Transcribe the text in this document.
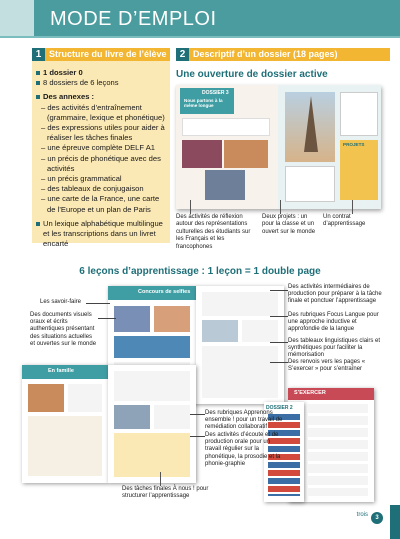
MODE D’EMPLOI
1 Structure du livre de l’élève
1 dossier 0
8 dossiers de 6 leçons
Des annexes :
– des activités d’entraînement (grammaire, lexique et phonétique)
– des expressions utiles pour aider à réaliser les tâches finales
– une épreuve complète DELF A1
– un précis de phonétique avec des activités
– un précis grammatical
– des tableaux de conjugaison
– une carte de la France, une carte de l’Europe et un plan de Paris
Un lexique alphabétique multilingue et les transcriptions dans un livret encarté
2 Descriptif d’un dossier (18 pages)
Une ouverture de dossier active
DOSSIER 3
Nous partons à la même longue
PROJETS
Des activités de réflexion autour des représentations culturelles des étudiants sur les Français et les francophones
Deux projets : un pour la classe et un ouvert sur le monde
Un contrat d’apprentissage
6 leçons d’apprentissage : 1 leçon = 1 double page
Concours de selfies
En famille
S’EXERCER
DOSSIER 2
Les savoir-faire
Des documents visuels oraux et écrits authentiques présentant des situations actuelles et ouvertes sur le monde
Des activités intermédiaires de production pour préparer à la tâche finale et ponctuer l’apprentissage
Des rubriques Focus Langue pour une approche inductive et approfondie de la langue
Des tableaux linguistiques clairs et synthétiques pour faciliter la mémorisation
Des renvois vers les pages « S’exercer » pour s’entraîner
Des rubriques Apprenons ensemble ! pour un travail de remédiation collaboratif
Des activités d’écoute et de production orale pour un travail régulier sur la phonétique, la prosodie et la phonie-graphie
Des tâches finales À nous ! pour structurer l’apprentissage
trois	3
